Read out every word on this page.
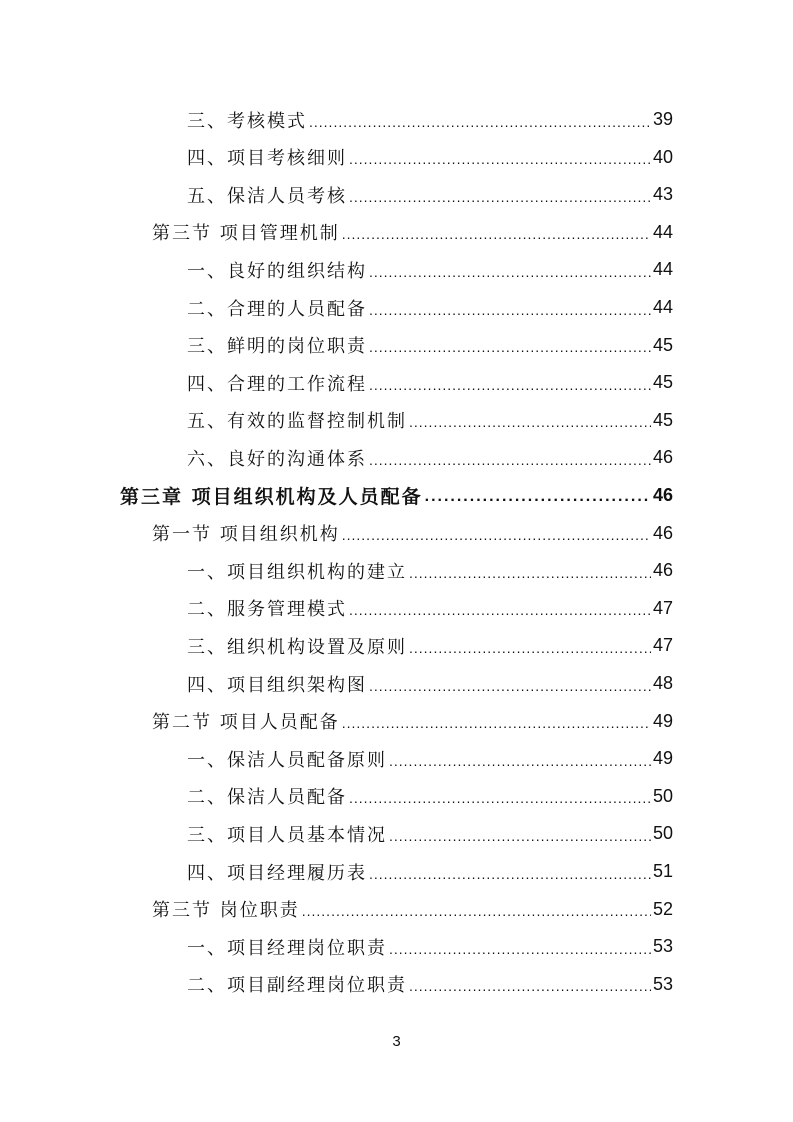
三、考核模式 .....	39
四、项目考核细则 .....	40
五、保洁人员考核 .....	43
第三节 项目管理机制 .....	44
一、良好的组织结构 .....	44
二、合理的人员配备 .....	44
三、鲜明的岗位职责 .....	45
四、合理的工作流程 .....	45
五、有效的监督控制机制 .....	45
六、良好的沟通体系 .....	46
第三章 项目组织机构及人员配备 .....	46
第一节 项目组织机构 .....	46
一、项目组织机构的建立 .....	46
二、服务管理模式 .....	47
三、组织机构设置及原则 .....	47
四、项目组织架构图 .....	48
第二节 项目人员配备 .....	49
一、保洁人员配备原则 .....	49
二、保洁人员配备 .....	50
三、项目人员基本情况 .....	50
四、项目经理履历表 .....	51
第三节 岗位职责 .....	52
一、项目经理岗位职责 .....	53
二、项目副经理岗位职责 .....	53
3
